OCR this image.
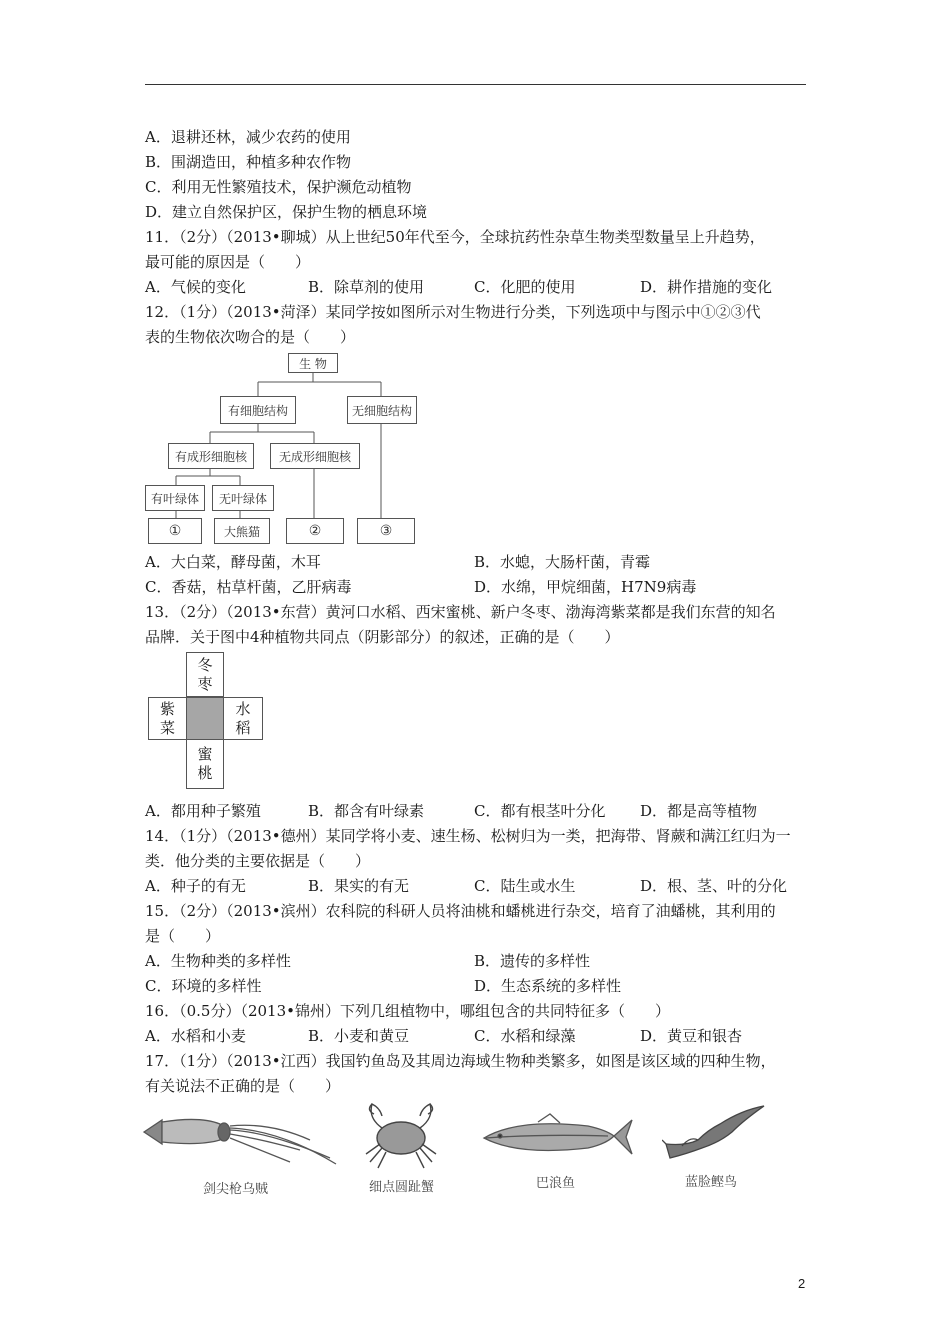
A．退耕还林，减少农药的使用
B．围湖造田，种植多种农作物
C．利用无性繁殖技术，保护濒危动植物
D．建立自然保护区，保护生物的栖息环境
11．（2分）（2013•聊城）从上世纪50年代至今，全球抗药性杂草生物类型数量呈上升趋势，
最可能的原因是（　　）
A．气候的变化	B．除草剂的使用	C．化肥的使用	D．耕作措施的变化
12．（1分）（2013•菏泽）某同学按如图所示对生物进行分类，下列选项中与图示中①②③代
表的生物依次吻合的是（　　）
生 物
有细胞结构	无细胞结构
有成形细胞核	无成形细胞核
有叶绿体	无叶绿体
①	大熊猫	②	③
A．大白菜，酵母菌，木耳	B．水螅，大肠杆菌，青霉
C．香菇，枯草杆菌，乙肝病毒	D．水绵，甲烷细菌，H7N9病毒
13．（2分）（2013•东营）黄河口水稻、西宋蜜桃、新户冬枣、渤海湾紫菜都是我们东营的知名
品牌．关于图中4种植物共同点（阴影部分）的叙述，正确的是（　　）
冬
枣
紫
菜
水
稻
蜜
桃
A．都用种子繁殖	B．都含有叶绿素	C．都有根茎叶分化 D．都是高等植物
14．（1分）（2013•德州）某同学将小麦、速生杨、松树归为一类，把海带、肾蕨和满江红归为一
类．他分类的主要依据是（　　）
A．种子的有无	B．果实的有无	C．陆生或水生	D．根、茎、叶的分化
15．（2分）（2013•滨州）农科院的科研人员将油桃和蟠桃进行杂交，培育了油蟠桃，其利用的
是（　　）
A．生物种类的多样性	B．遗传的多样性
C．环境的多样性	D．生态系统的多样性
16．（0.5分）（2013•锦州）下列几组植物中，哪组包含的共同特征多（　　）
A．水稻和小麦	B．小麦和黄豆	C．水稻和绿藻	D．黄豆和银杏
17．（1分）（2013•江西）我国钓鱼岛及其周边海域生物种类繁多，如图是该区域的四种生物，
有关说法不正确的是（　　）
剑尖枪乌贼	细点圆趾蟹	巴浪鱼	蓝脸鲣鸟
2
